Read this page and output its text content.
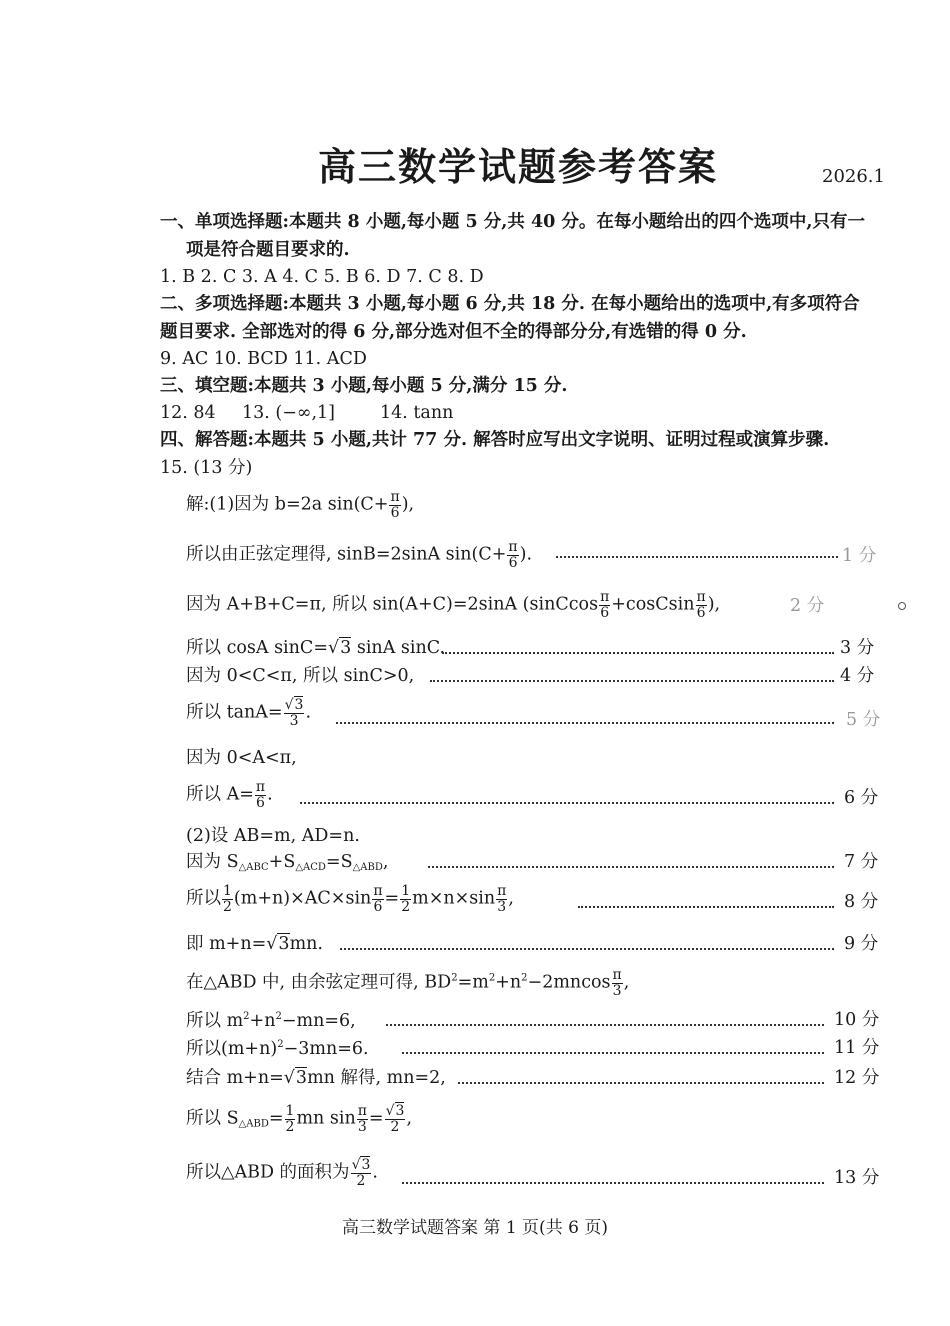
高三数学试题参考答案	2026.1
一、单项选择题:本题共 8 小题,每小题 5 分,共 40 分。在每小题给出的四个选项中,只有一
项是符合题目要求的.
1. B 2. C 3. A 4. C 5. B 6. D 7. C 8. D
二、多项选择题:本题共 3 小题,每小题 6 分,共 18 分. 在每小题给出的选项中,有多项符合
题目要求. 全部选对的得 6 分,部分选对但不全的得部分分,有选错的得 0 分.
9. AC 10. BCD 11. ACD
三、填空题:本题共 3 小题,每小题 5 分,满分 15 分.
12. 84 13. (−∞,1]	14. tann
四、解答题:本题共 5 小题,共计 77 分. 解答时应写出文字说明、证明过程或演算步骤.
15. (13 分)
解:(1)因为 b=2a $\sin(C+ \frac{\pi}{6}$ ),
所以由正弦定理得, sinB=2sinA $\sin(C+ \frac{\pi}{6}$ ).	1 分
因为 A+B+C=π, 所以 sin(A+C)=2sinA (sinCcos $\frac{\pi}{6}$ +cosCsin $\frac{\pi}{6}$ ),	2 分
所以 cosA sinC=√3 sinA sinC.	3 分
因为 0<C<π, 所以 sinC>0,	4 分
所以 $\tan A= \frac{√3}{3}$ .	5 分
因为 0<A<π,
所以 $A= \frac{\pi}{6}$ .	6 分
(2)设 AB=m, AD=n.
因为 $S_{\triangle ABC}+S_{\triangle ACD}=S_{\triangle ABD}$,	7 分
所以 $\frac{1}{2} (m+n)\times AC\times\sin \frac{\pi}{6} = \frac{1}{2} m\times n\times\sin \frac{\pi}{3}$ ,	8 分
即 m+n=√3mn.	9 分
在△ABD 中, 由余弦定理可得, $BD^2=m^2+n^2-2mncos \frac{\pi}{3}$ ,
所以 $m^2+n^2-mn=6$,	10 分
所以$(m+n)^2-3mn=6$.	11 分
结合 m+n=√3mn 解得, mn=2,	12 分
所以 $S_{\triangle ABD}= \frac{1}{2}$ mn $\sin \frac{\pi}{3} = \frac{√3}{2}$ ,
所以△ABD 的面积为 $\frac{√3}{2}$ .	13 分
高三数学试题答案 第 1 页(共 6 页)
